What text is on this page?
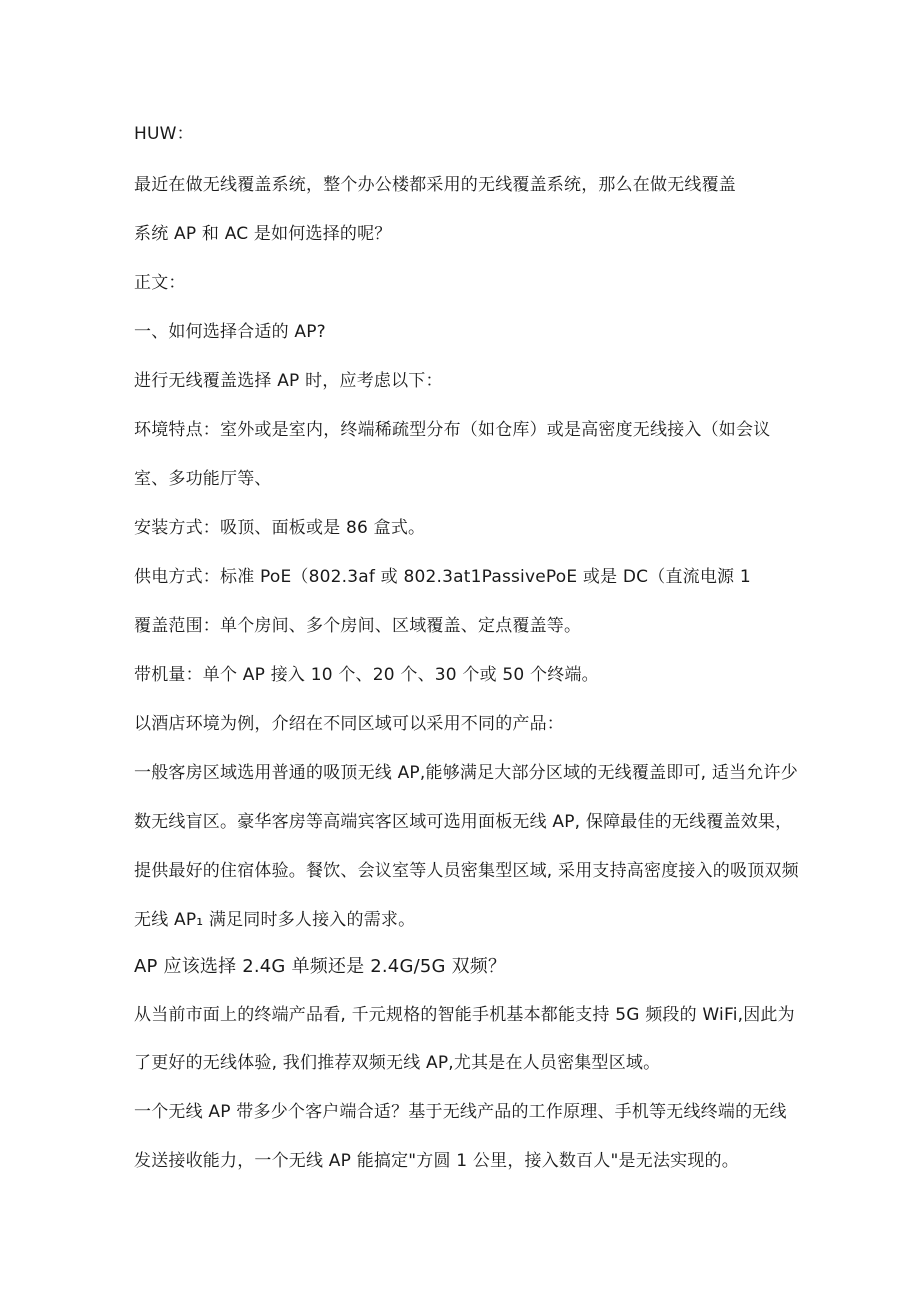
HUW：

最近在做无线覆盖系统，整个办公楼都采用的无线覆盖系统，那么在做无线覆盖

系统 AP 和 AC 是如何选择的呢？

正文：

一、如何选择合适的 AP?

进行无线覆盖选择 AP 时，应考虑以下：

环境特点：室外或是室内，终端稀疏型分布（如仓库）或是高密度无线接入（如会议

室、多功能厅等、

安装方式：吸顶、面板或是 86 盒式。

供电方式：标准 PoE（802.3af 或 802.3at1PassivePoE 或是 DC（直流电源 1

覆盖范围：单个房间、多个房间、区域覆盖、定点覆盖等。

带机量：单个 AP 接入 10 个、20 个、30 个或 50 个终端。

以酒店环境为例，介绍在不同区域可以采用不同的产品：

一般客房区域选用普通的吸顶无线 AP,能够满足大部分区域的无线覆盖即可, 适当允许少

数无线盲区。豪华客房等高端宾客区域可选用面板无线 AP, 保障最佳的无线覆盖效果，

提供最好的住宿体验。餐饮、会议室等人员密集型区域, 采用支持高密度接入的吸顶双频

无线 AP₁ 满足同时多人接入的需求。

AP 应该选择 2.4G 单频还是 2.4G/5G 双频？

从当前市面上的终端产品看, 千元规格的智能手机基本都能支持 5G 频段的 WiFi,因此为

了更好的无线体验, 我们推荐双频无线 AP,尤其是在人员密集型区域。

一个无线 AP 带多少个客户端合适？基于无线产品的工作原理、手机等无线终端的无线

发送接收能力，一个无线 AP 能搞定"方圆 1 公里，接入数百人"是无法实现的。
